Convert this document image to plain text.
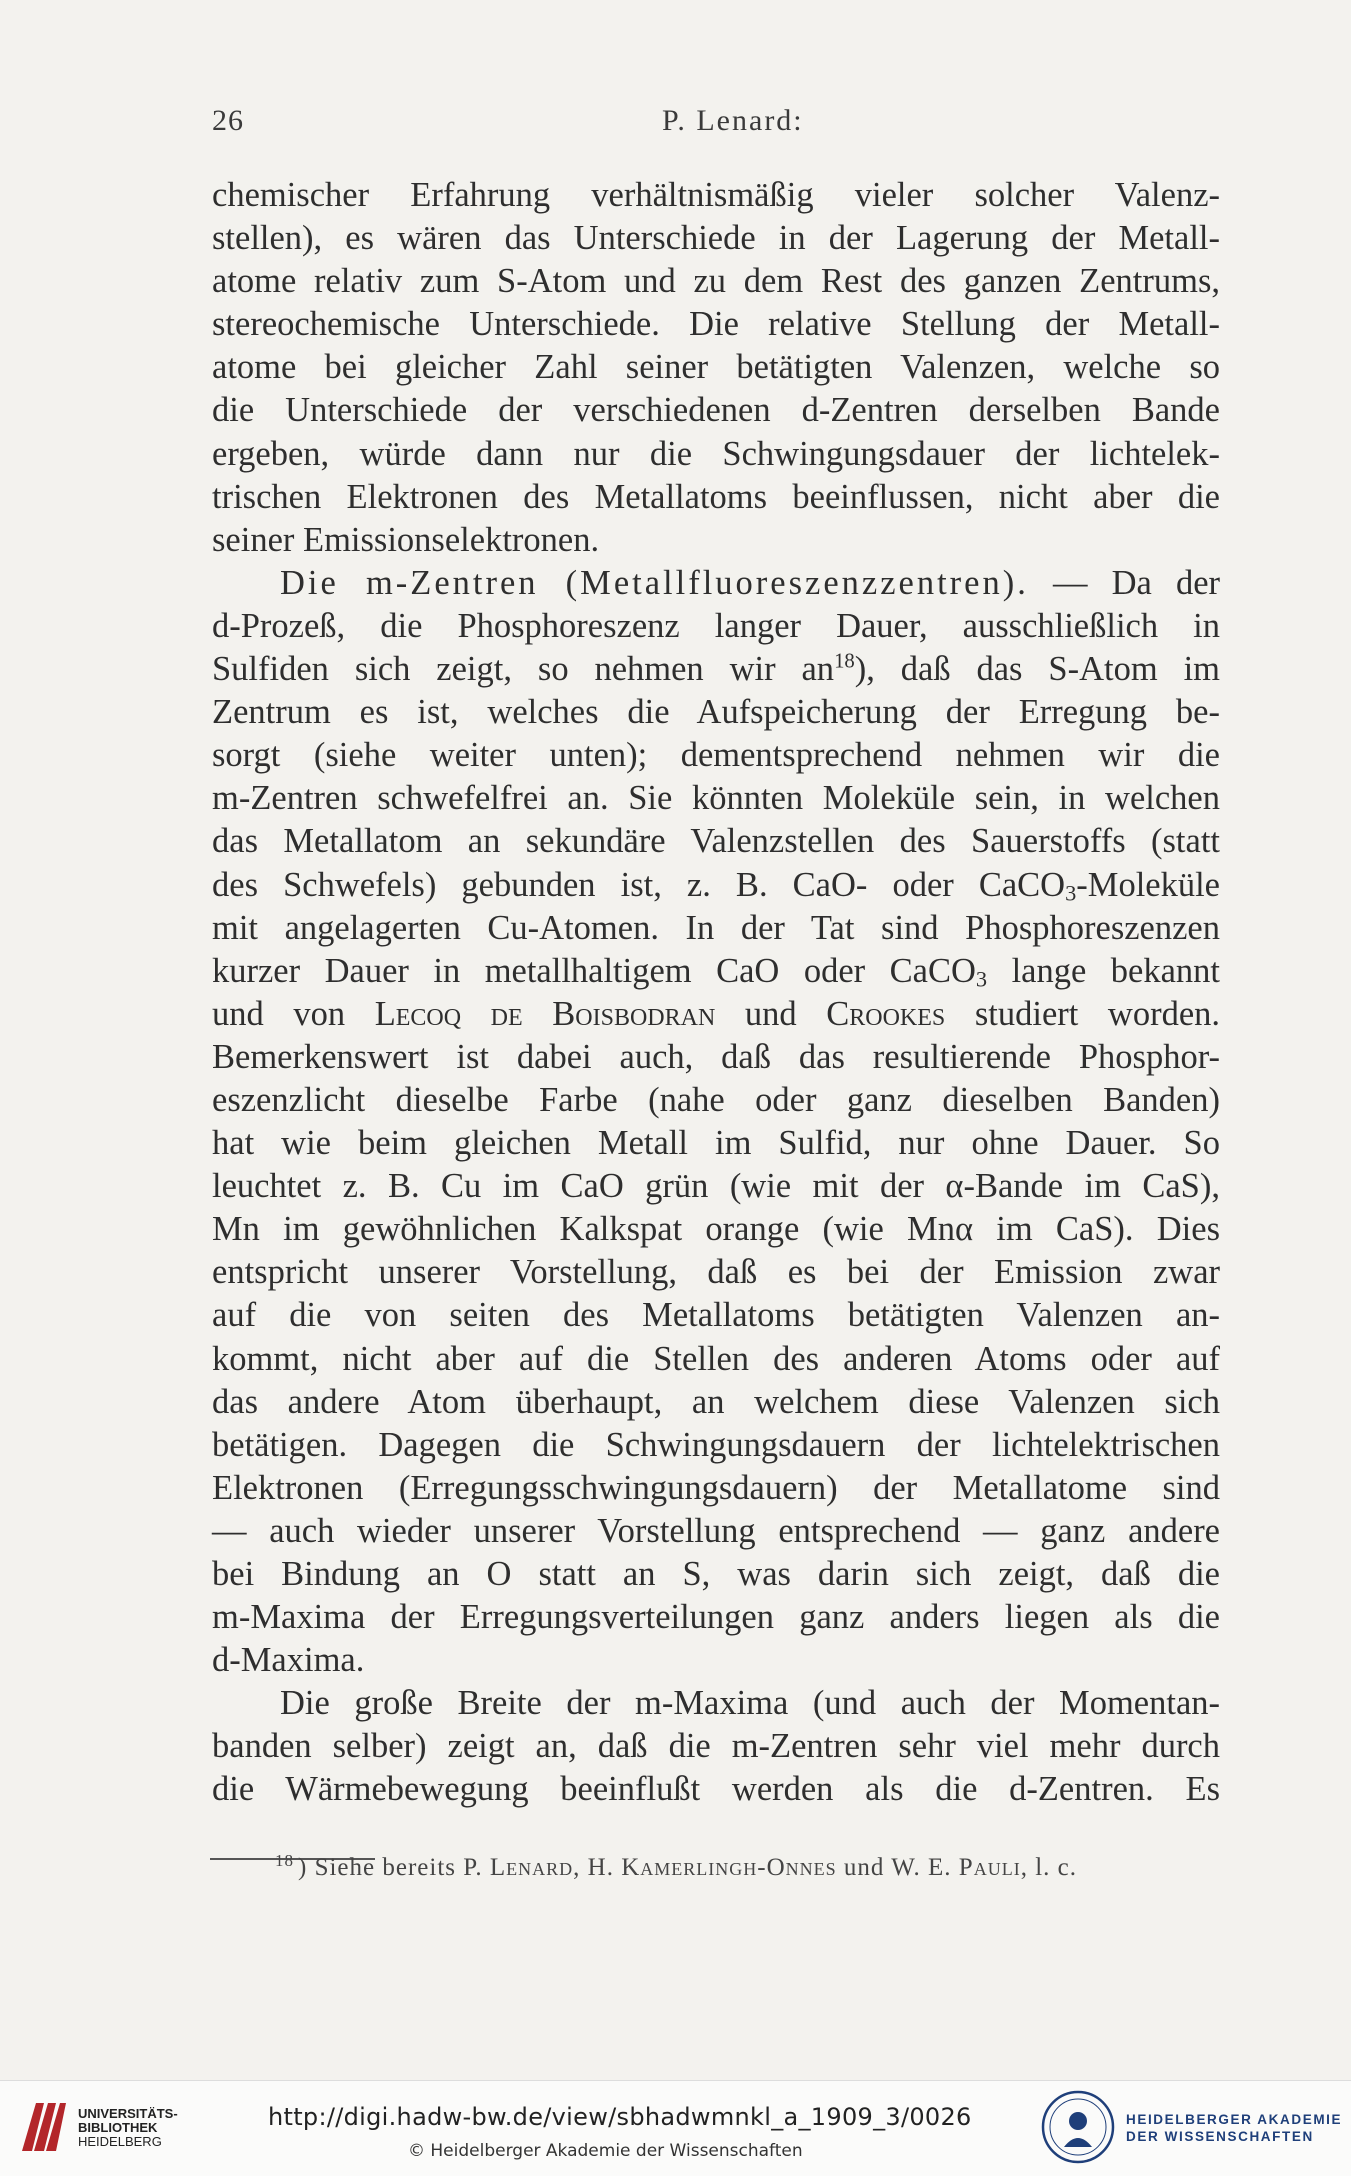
26	P. Lenard:
chemischer Erfahrung verhältnismäßig vieler solcher Valenz-
stellen), es wären das Unterschiede in der Lagerung der Metall-
atome relativ zum S-Atom und zu dem Rest des ganzen Zentrums,
stereochemische Unterschiede. Die relative Stellung der Metall-
atome bei gleicher Zahl seiner betätigten Valenzen, welche so
die Unterschiede der verschiedenen d-Zentren derselben Bande
ergeben, würde dann nur die Schwingungsdauer der lichtelek-
trischen Elektronen des Metallatoms beeinflussen, nicht aber die
seiner Emissionselektronen.
Die m-Zentren (Metallfluoreszenzzentren). — Da der
d-Prozeß, die Phosphoreszenz langer Dauer, ausschließlich in
Sulfiden sich zeigt, so nehmen wir $an^{18}$), daß das S-Atom im
Zentrum es ist, welches die Aufspeicherung der Erregung be-
sorgt (siehe weiter unten); dementsprechend nehmen wir die
m-Zentren schwefelfrei an. Sie könnten Moleküle sein, in welchen
das Metallatom an sekundäre Valenzstellen des Sauerstoffs (statt
des Schwefels) gebunden ist, z. B. CaO- oder CaCO$_3$-Moleküle
mit angelagerten Cu-Atomen. In der Tat sind Phosphoreszenzen
kurzer Dauer in metallhaltigem CaO oder CaCO$_3$ lange bekannt
und von Lecoq de Boisbodran und Crookes studiert worden.
Bemerkenswert ist dabei auch, daß das resultierende Phosphor-
eszenzlicht dieselbe Farbe (nahe oder ganz dieselben Banden)
hat wie beim gleichen Metall im Sulfid, nur ohne Dauer. So
leuchtet z. B. Cu im CaO grün (wie mit der α-Bande im CaS),
Mn im gewöhnlichen Kalkspat orange (wie Mnα im CaS). Dies
entspricht unserer Vorstellung, daß es bei der Emission zwar
auf die von seiten des Metallatoms betätigten Valenzen an-
kommt, nicht aber auf die Stellen des anderen Atoms oder auf
das andere Atom überhaupt, an welchem diese Valenzen sich
betätigen. Dagegen die Schwingungsdauern der lichtelektrischen
Elektronen (Erregungsschwingungsdauern) der Metallatome sind
— auch wieder unserer Vorstellung entsprechend — ganz andere
bei Bindung an O statt an S, was darin sich zeigt, daß die
m-Maxima der Erregungsverteilungen ganz anders liegen als die
d-Maxima.
Die große Breite der m-Maxima (und auch der Momentan-
banden selber) zeigt an, daß die m-Zentren sehr viel mehr durch
die Wärmebewegung beeinflußt werden als die d-Zentren. Es
$^{18}$ ) Siehe bereits P. Lenard, H. Kamerlingh-Onnes und W. E. Pauli, l. c.
UNIVERSITÄTS-
BIBLIOTHEK
HEIDELBERG
http://digi.hadw-bw.de/view/sbhadwmnkl_a_1909_3/0026
© Heidelberger Akademie der Wissenschaften
HEIDELBERGER AKADEMIE
DER WISSENSCHAFTEN
